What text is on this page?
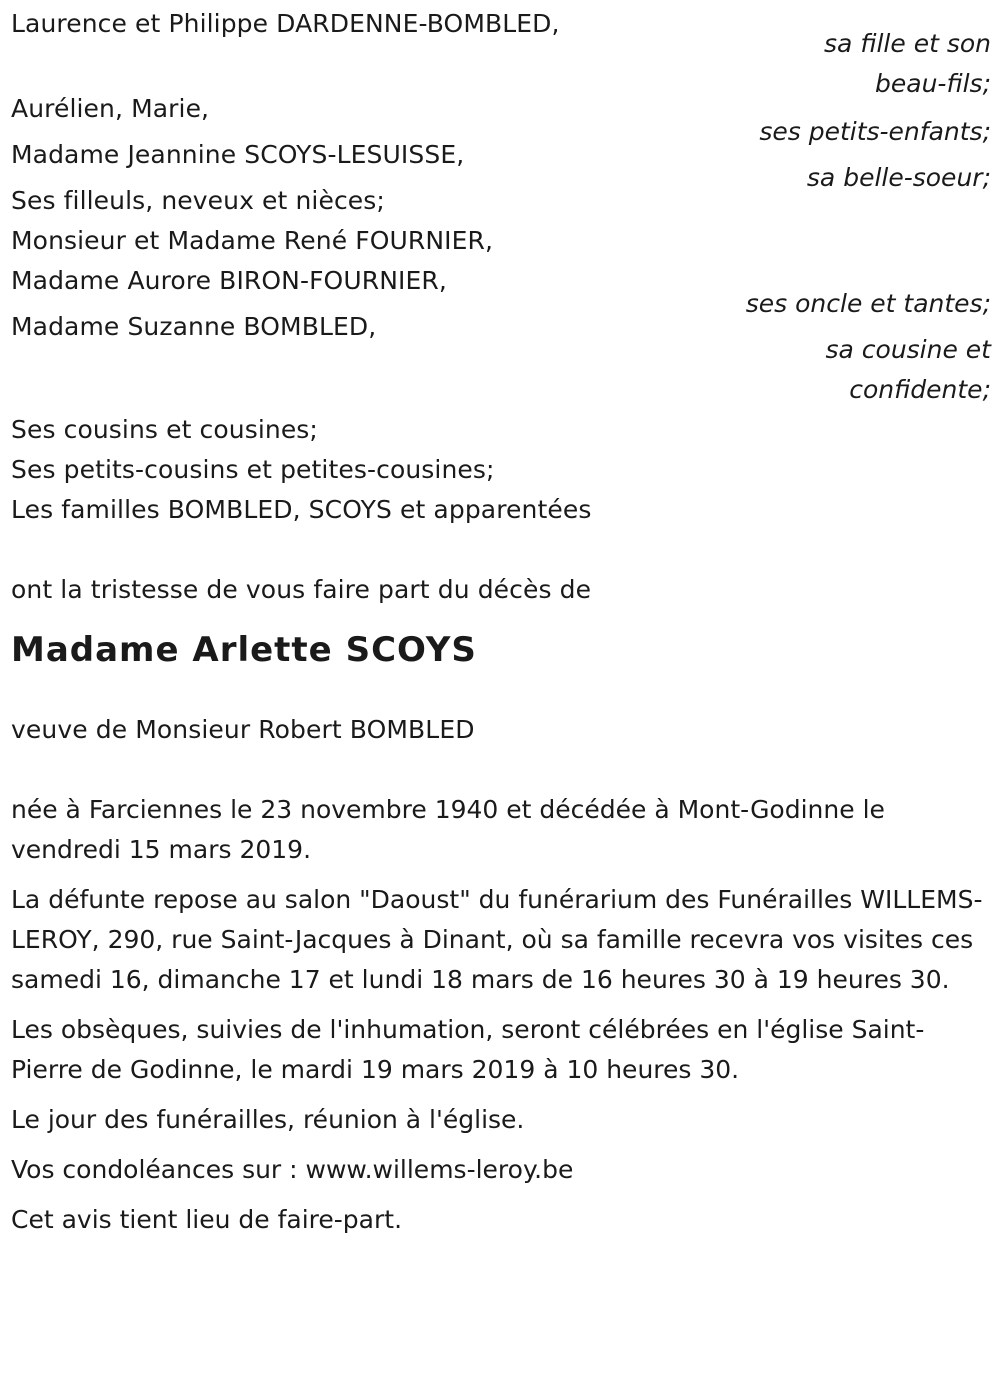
Laurence et Philippe DARDENNE-BOMBLED,
sa fille et son
beau-fils;
Aurélien, Marie,
ses petits-enfants;
Madame Jeannine SCOYS-LESUISSE,
sa belle-soeur;
Ses filleuls, neveux et nièces;
Monsieur et Madame René FOURNIER,
Madame Aurore BIRON-FOURNIER,
ses oncle et tantes;
Madame Suzanne BOMBLED,
sa cousine et
confidente;
Ses cousins et cousines;
Ses petits-cousins et petites-cousines;
Les familles BOMBLED, SCOYS et apparentées
ont la tristesse de vous faire part du décès de
Madame Arlette SCOYS
veuve de Monsieur Robert BOMBLED

née à Farciennes le 23 novembre 1940 et décédée à Mont-Godinne le vendredi 15 mars 2019.

La défunte repose au salon "Daoust" du funérarium des Funérailles WILLEMS-LEROY, 290, rue Saint-Jacques à Dinant, où sa famille recevra vos visites ces samedi 16, dimanche 17 et lundi 18 mars de 16 heures 30 à 19 heures 30.

Les obsèques, suivies de l'inhumation, seront célébrées en l'église Saint-Pierre de Godinne, le mardi 19 mars 2019 à 10 heures 30.

Le jour des funérailles, réunion à l'église.

Vos condoléances sur : www.willems-leroy.be

Cet avis tient lieu de faire-part.
